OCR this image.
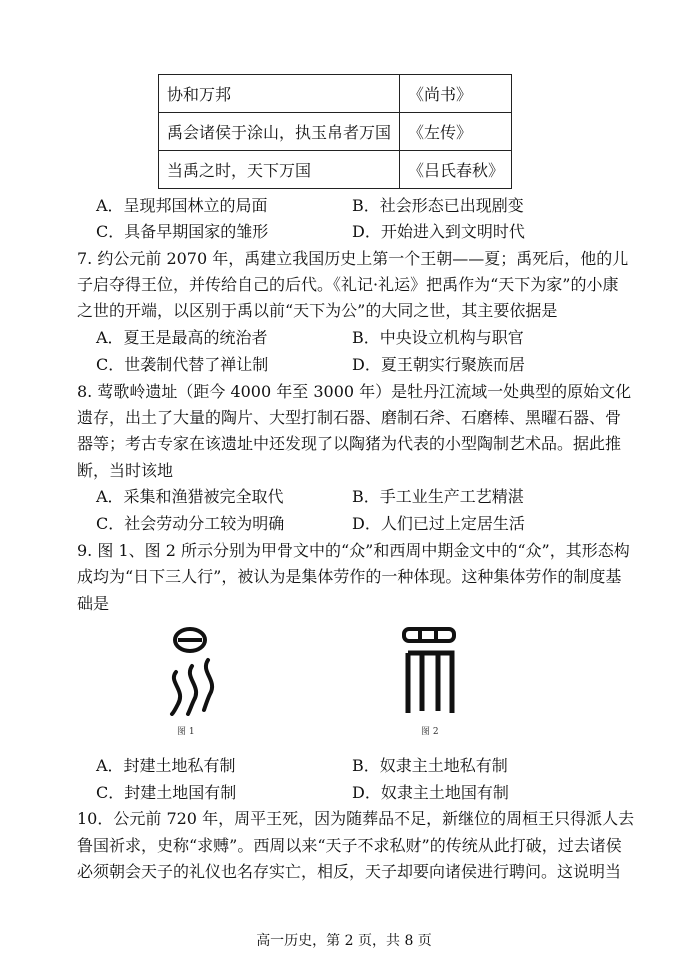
协和万邦	《尚书》
禹会诸侯于涂山，执玉帛者万国	《左传》
当禹之时，天下万国	《吕氏春秋》
A．呈现邦国林立的局面	B．社会形态已出现剧变
C．具备早期国家的雏形	D．开始进入到文明时代
7. 约公元前 2070 年，禹建立我国历史上第一个王朝——夏；禹死后，他的儿
子启夺得王位，并传给自己的后代。《礼记·礼运》把禹作为“天下为家”的小康
之世的开端，以区别于禹以前“天下为公”的大同之世，其主要依据是
A．夏王是最高的统治者	B．中央设立机构与职官
C．世袭制代替了禅让制	D．夏王朝实行聚族而居
8. 莺歌岭遗址（距今 4000 年至 3000 年）是牡丹江流域一处典型的原始文化
遗存，出土了大量的陶片、大型打制石器、磨制石斧、石磨棒、黑曜石器、骨
器等；考古专家在该遗址中还发现了以陶猪为代表的小型陶制艺术品。据此推
断，当时该地
A．采集和渔猎被完全取代	B．手工业生产工艺精湛
C．社会劳动分工较为明确	D．人们已过上定居生活
9. 图 1、图 2 所示分别为甲骨文中的“众”和西周中期金文中的“众”，其形态构
成均为“日下三人行”，被认为是集体劳作的一种体现。这种集体劳作的制度基
础是
图 1	图 2
A．封建土地私有制	B．奴隶主土地私有制
C．封建土地国有制	D．奴隶主土地国有制
10．公元前 720 年，周平王死，因为随葬品不足，新继位的周桓王只得派人去
鲁国祈求，史称“求赙”。西周以来“天子不求私财”的传统从此打破，过去诸侯
必须朝会天子的礼仪也名存实亡，相反，天子却要向诸侯进行聘问。这说明当
高一历史，第 2 页，共 8 页
